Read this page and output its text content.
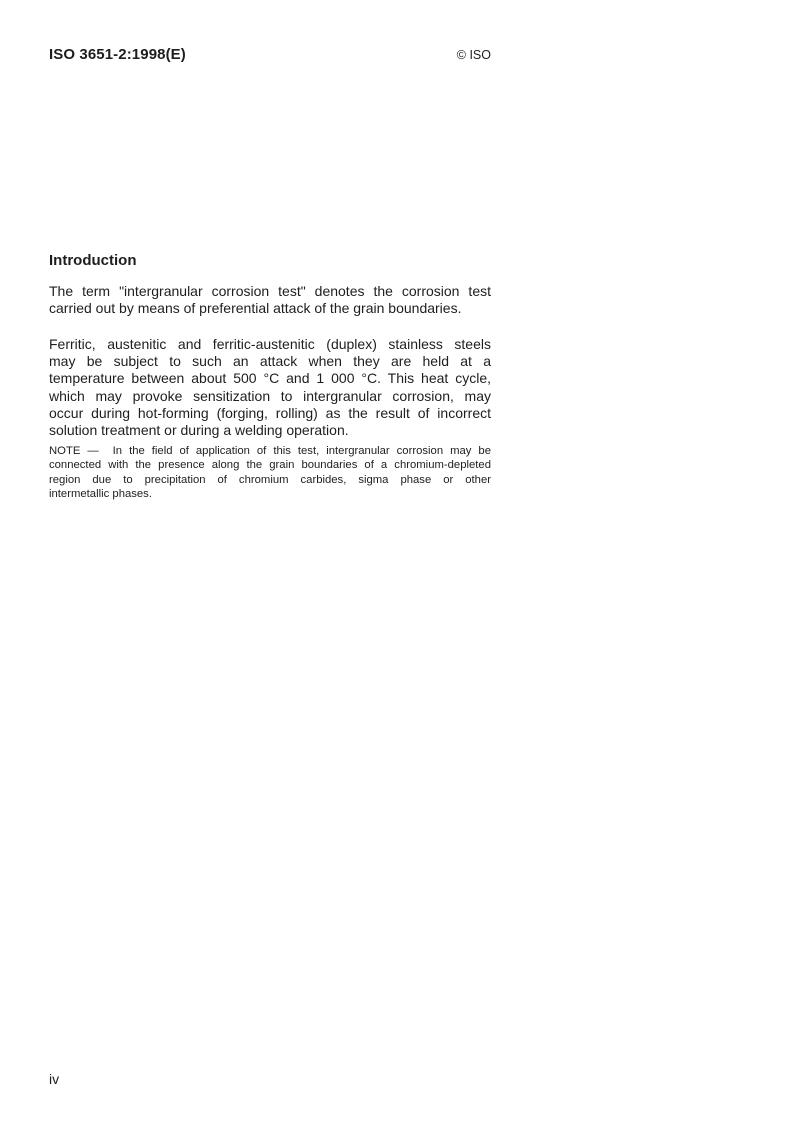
ISO 3651-2:1998(E)	© ISO
Introduction
The term "intergranular corrosion test" denotes the corrosion test
carried out by means of preferential attack of the grain boundaries.
Ferritic, austenitic and ferritic-austenitic (duplex) stainless steels
may be subject to such an attack when they are held at a
temperature between about 500 °C and 1 000 °C. This heat cycle,
which may provoke sensitization to intergranular corrosion, may
occur during hot-forming (forging, rolling) as the result of incorrect
solution treatment or during a welding operation.
NOTE —  In the field of application of this test, intergranular corrosion may be
connected with the presence along the grain boundaries of a chromium-depleted
region due to precipitation of chromium carbides, sigma phase or other
intermetallic phases.
iv
